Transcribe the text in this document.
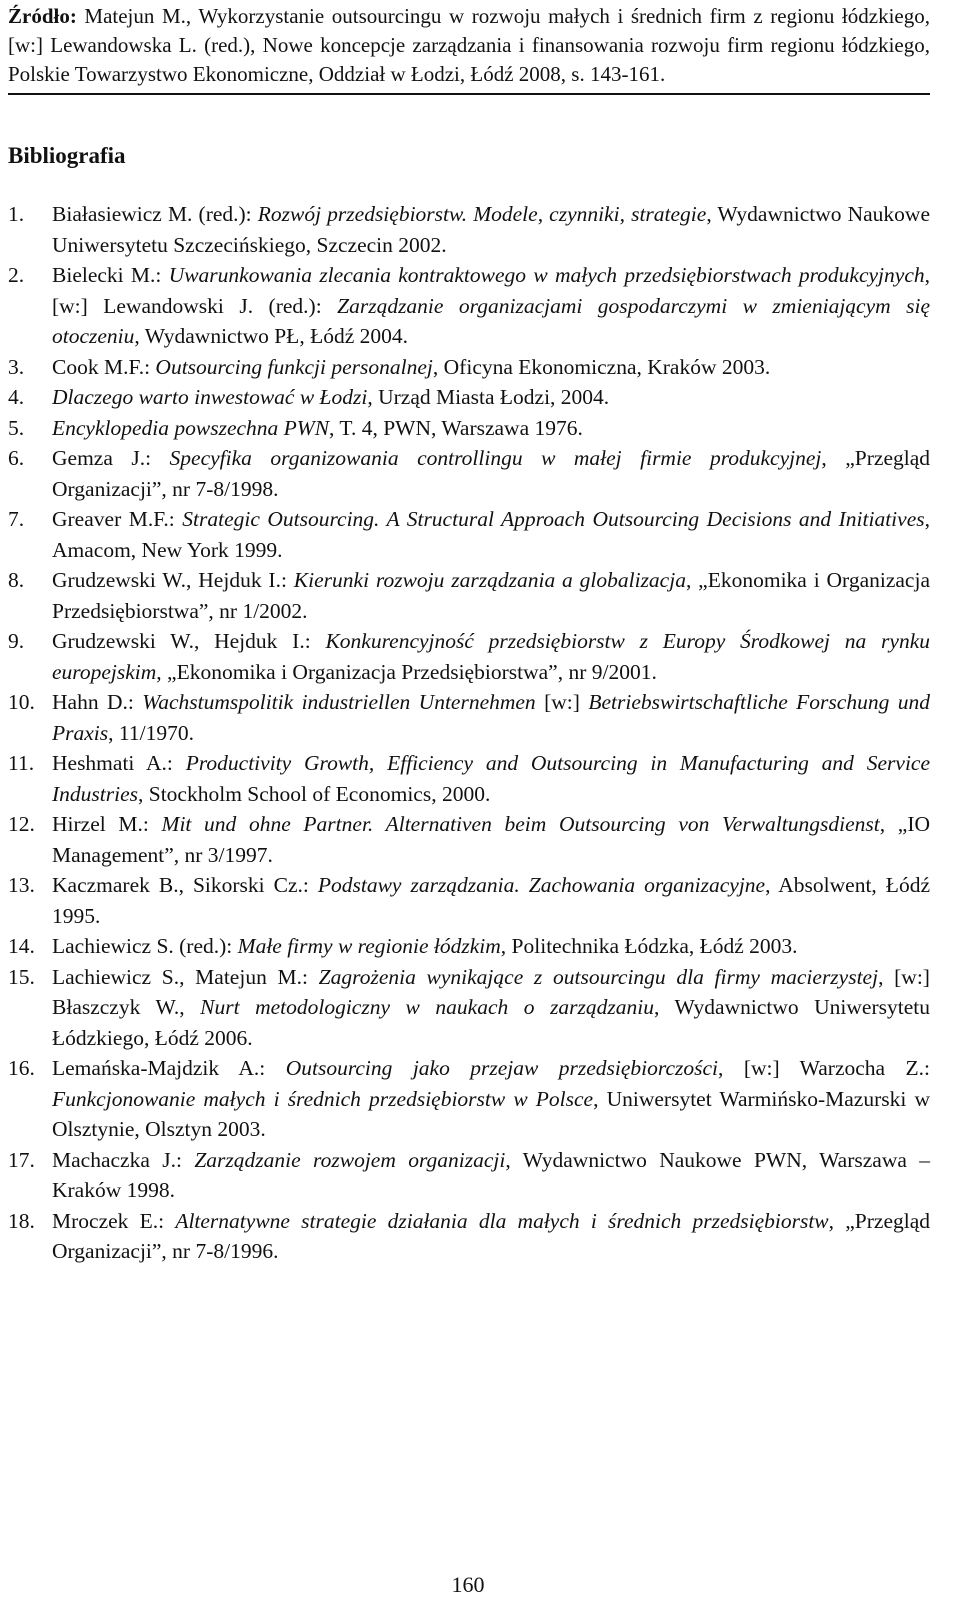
Źródło: Matejun M., Wykorzystanie outsourcingu w rozwoju małych i średnich firm z regionu łódzkiego, [w:] Lewandowska L. (red.), Nowe koncepcje zarządzania i finansowania rozwoju firm regionu łódzkiego, Polskie Towarzystwo Ekonomiczne, Oddział w Łodzi, Łódź 2008, s. 143-161.
Bibliografia
1. Białasiewicz M. (red.): Rozwój przedsiębiorstw. Modele, czynniki, strategie, Wydawnictwo Naukowe Uniwersytetu Szczecińskiego, Szczecin 2002.
2. Bielecki M.: Uwarunkowania zlecania kontraktowego w małych przedsiębiorstwach produkcyjnych, [w:] Lewandowski J. (red.): Zarządzanie organizacjami gospodarczymi w zmieniającym się otoczeniu, Wydawnictwo PŁ, Łódź 2004.
3. Cook M.F.: Outsourcing funkcji personalnej, Oficyna Ekonomiczna, Kraków 2003.
4. Dlaczego warto inwestować w Łodzi, Urząd Miasta Łodzi, 2004.
5. Encyklopedia powszechna PWN, T. 4, PWN, Warszawa 1976.
6. Gemza J.: Specyfika organizowania controllingu w małej firmie produkcyjnej, „Przegląd Organizacji”, nr 7-8/1998.
7. Greaver M.F.: Strategic Outsourcing. A Structural Approach Outsourcing Decisions and Initiatives, Amacom, New York 1999.
8. Grudzewski W., Hejduk I.: Kierunki rozwoju zarządzania a globalizacja, „Ekonomika i Organizacja Przedsiębiorstwa”, nr 1/2002.
9. Grudzewski W., Hejduk I.: Konkurencyjność przedsiębiorstw z Europy Środkowej na rynku europejskim, „Ekonomika i Organizacja Przedsiębiorstwa”, nr 9/2001.
10. Hahn D.: Wachstumspolitik industriellen Unternehmen [w:] Betriebswirtschaftliche Forschung und Praxis, 11/1970.
11. Heshmati A.: Productivity Growth, Efficiency and Outsourcing in Manufacturing and Service Industries, Stockholm School of Economics, 2000.
12. Hirzel M.: Mit und ohne Partner. Alternativen beim Outsourcing von Verwaltungsdienst, „IO Management”, nr 3/1997.
13. Kaczmarek B., Sikorski Cz.: Podstawy zarządzania. Zachowania organizacyjne, Absolwent, Łódź 1995.
14. Lachiewicz S. (red.): Małe firmy w regionie łódzkim, Politechnika Łódzka, Łódź 2003.
15. Lachiewicz S., Matejun M.: Zagrożenia wynikające z outsourcingu dla firmy macierzystej, [w:] Błaszczyk W., Nurt metodologiczny w naukach o zarządzaniu, Wydawnictwo Uniwersytetu Łódzkiego, Łódź 2006.
16. Lemańska-Majdzik A.: Outsourcing jako przejaw przedsiębiorczości, [w:] Warzocha Z.: Funkcjonowanie małych i średnich przedsiębiorstw w Polsce, Uniwersytet Warmińsko-Mazurski w Olsztynie, Olsztyn 2003.
17. Machaczka J.: Zarządzanie rozwojem organizacji, Wydawnictwo Naukowe PWN, Warszawa – Kraków 1998.
18. Mroczek E.: Alternatywne strategie działania dla małych i średnich przedsiębiorstw, „Przegląd Organizacji”, nr 7-8/1996.
160
